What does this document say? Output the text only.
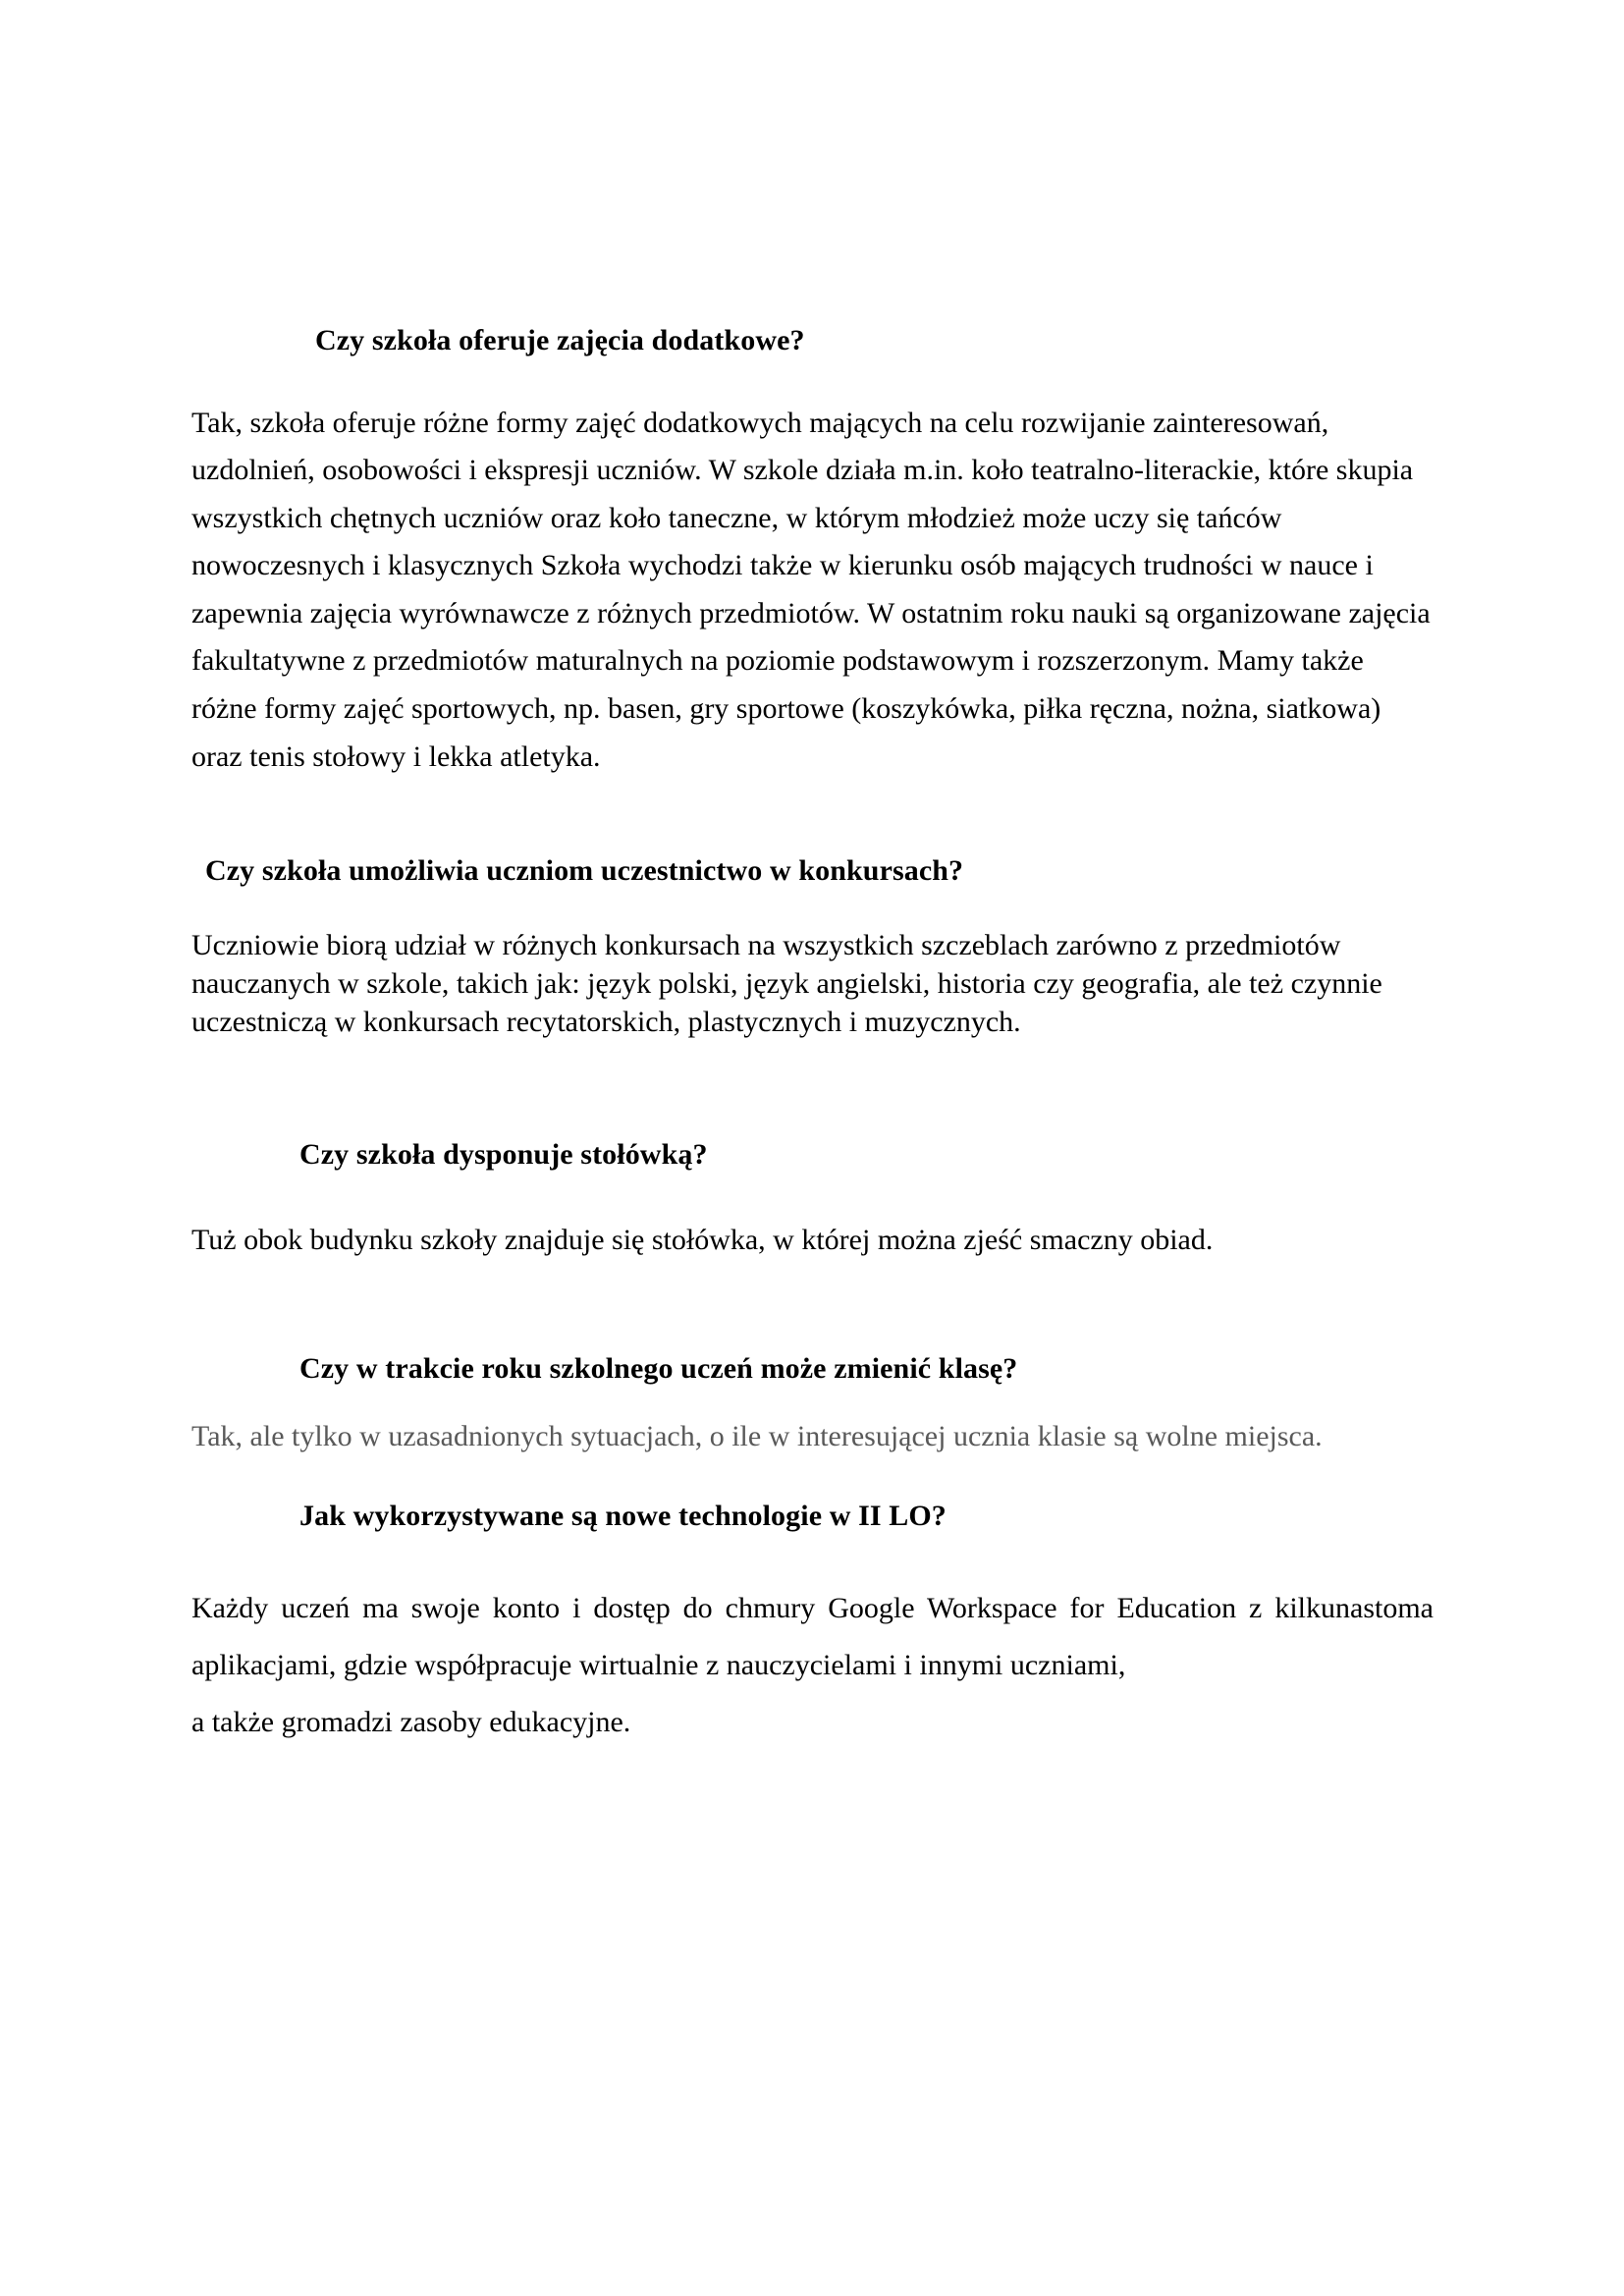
Czy szkoła oferuje zajęcia dodatkowe?
Tak, szkoła oferuje różne formy zajęć dodatkowych mających na celu rozwijanie zainteresowań, uzdolnień, osobowości i ekspresji uczniów. W szkole działa m.in. koło teatralno-literackie, które skupia wszystkich chętnych uczniów oraz koło taneczne, w którym młodzież może uczy się tańców nowoczesnych i klasycznych Szkoła wychodzi także w kierunku osób mających trudności w nauce i zapewnia zajęcia wyrównawcze z różnych przedmiotów. W ostatnim roku nauki są organizowane zajęcia fakultatywne z przedmiotów maturalnych na poziomie podstawowym i rozszerzonym. Mamy także różne formy zajęć sportowych, np. basen, gry sportowe (koszykówka, piłka ręczna, nożna, siatkowa) oraz tenis stołowy i lekka atletyka.
Czy szkoła umożliwia uczniom uczestnictwo w konkursach?
Uczniowie biorą udział w różnych konkursach na wszystkich szczeblach zarówno z przedmiotów nauczanych w szkole, takich jak: język polski, język angielski, historia czy geografia, ale też czynnie uczestniczą w konkursach recytatorskich, plastycznych i muzycznych.
Czy szkoła dysponuje stołówką?
Tuż obok budynku szkoły znajduje się stołówka, w której można zjeść smaczny obiad.
Czy w trakcie roku szkolnego uczeń może zmienić klasę?
Tak, ale tylko w uzasadnionych sytuacjach, o ile w interesującej ucznia klasie są wolne miejsca.
Jak wykorzystywane są nowe technologie w II LO?
Każdy uczeń ma swoje konto i dostęp do chmury Google Workspace for Education z kilkunastoma aplikacjami, gdzie współpracuje wirtualnie z nauczycielami i innymi uczniami,
a także gromadzi zasoby edukacyjne.
